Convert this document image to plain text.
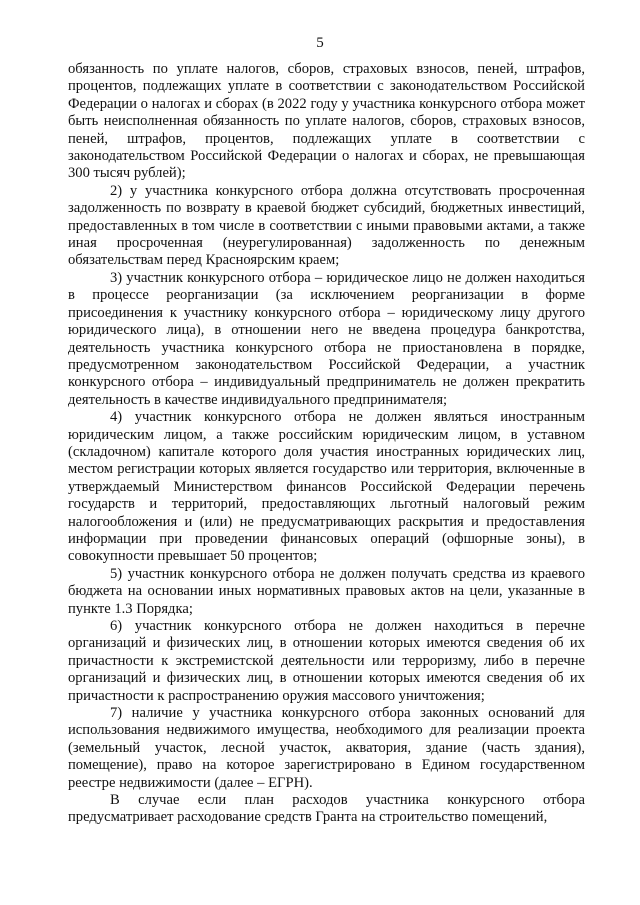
5

обязанность по уплате налогов, сборов, страховых взносов, пеней, штрафов, процентов, подлежащих уплате в соответствии с законодательством Российской Федерации о налогах и сборах (в 2022 году у участника конкурсного отбора может быть неисполненная обязанность по уплате налогов, сборов, страховых взносов, пеней, штрафов, процентов, подлежащих уплате в соответствии с законодательством Российской Федерации о налогах и сборах, не превышающая 300 тысяч рублей);

2) у участника конкурсного отбора должна отсутствовать просроченная задолженность по возврату в краевой бюджет субсидий, бюджетных инвестиций, предоставленных в том числе в соответствии с иными правовыми актами, а также иная просроченная (неурегулированная) задолженность по денежным обязательствам перед Красноярским краем;

3) участник конкурсного отбора – юридическое лицо не должен находиться в процессе реорганизации (за исключением реорганизации в форме присоединения к участнику конкурсного отбора – юридическому лицу другого юридического лица), в отношении него не введена процедура банкротства, деятельность участника конкурсного отбора не приостановлена в порядке, предусмотренном законодательством Российской Федерации, а участник конкурсного отбора – индивидуальный предприниматель не должен прекратить деятельность в качестве индивидуального предпринимателя;

4) участник конкурсного отбора не должен являться иностранным юридическим лицом, а также российским юридическим лицом, в уставном (складочном) капитале которого доля участия иностранных юридических лиц, местом регистрации которых является государство или территория, включенные в утверждаемый Министерством финансов Российской Федерации перечень государств и территорий, предоставляющих льготный налоговый режим налогообложения и (или) не предусматривающих раскрытия и предоставления информации при проведении финансовых операций (офшорные зоны), в совокупности превышает 50 процентов;

5) участник конкурсного отбора не должен получать средства из краевого бюджета на основании иных нормативных правовых актов на цели, указанные в пункте 1.3 Порядка;

6) участник конкурсного отбора не должен находиться в перечне организаций и физических лиц, в отношении которых имеются сведения об их причастности к экстремистской деятельности или терроризму, либо в перечне организаций и физических лиц, в отношении которых имеются сведения об их причастности к распространению оружия массового уничтожения;

7) наличие у участника конкурсного отбора законных оснований для использования недвижимого имущества, необходимого для реализации проекта (земельный участок, лесной участок, акватория, здание (часть здания), помещение), право на которое зарегистрировано в Едином государственном реестре недвижимости (далее – ЕГРН).

В случае если план расходов участника конкурсного отбора предусматривает расходование средств Гранта на строительство помещений,
